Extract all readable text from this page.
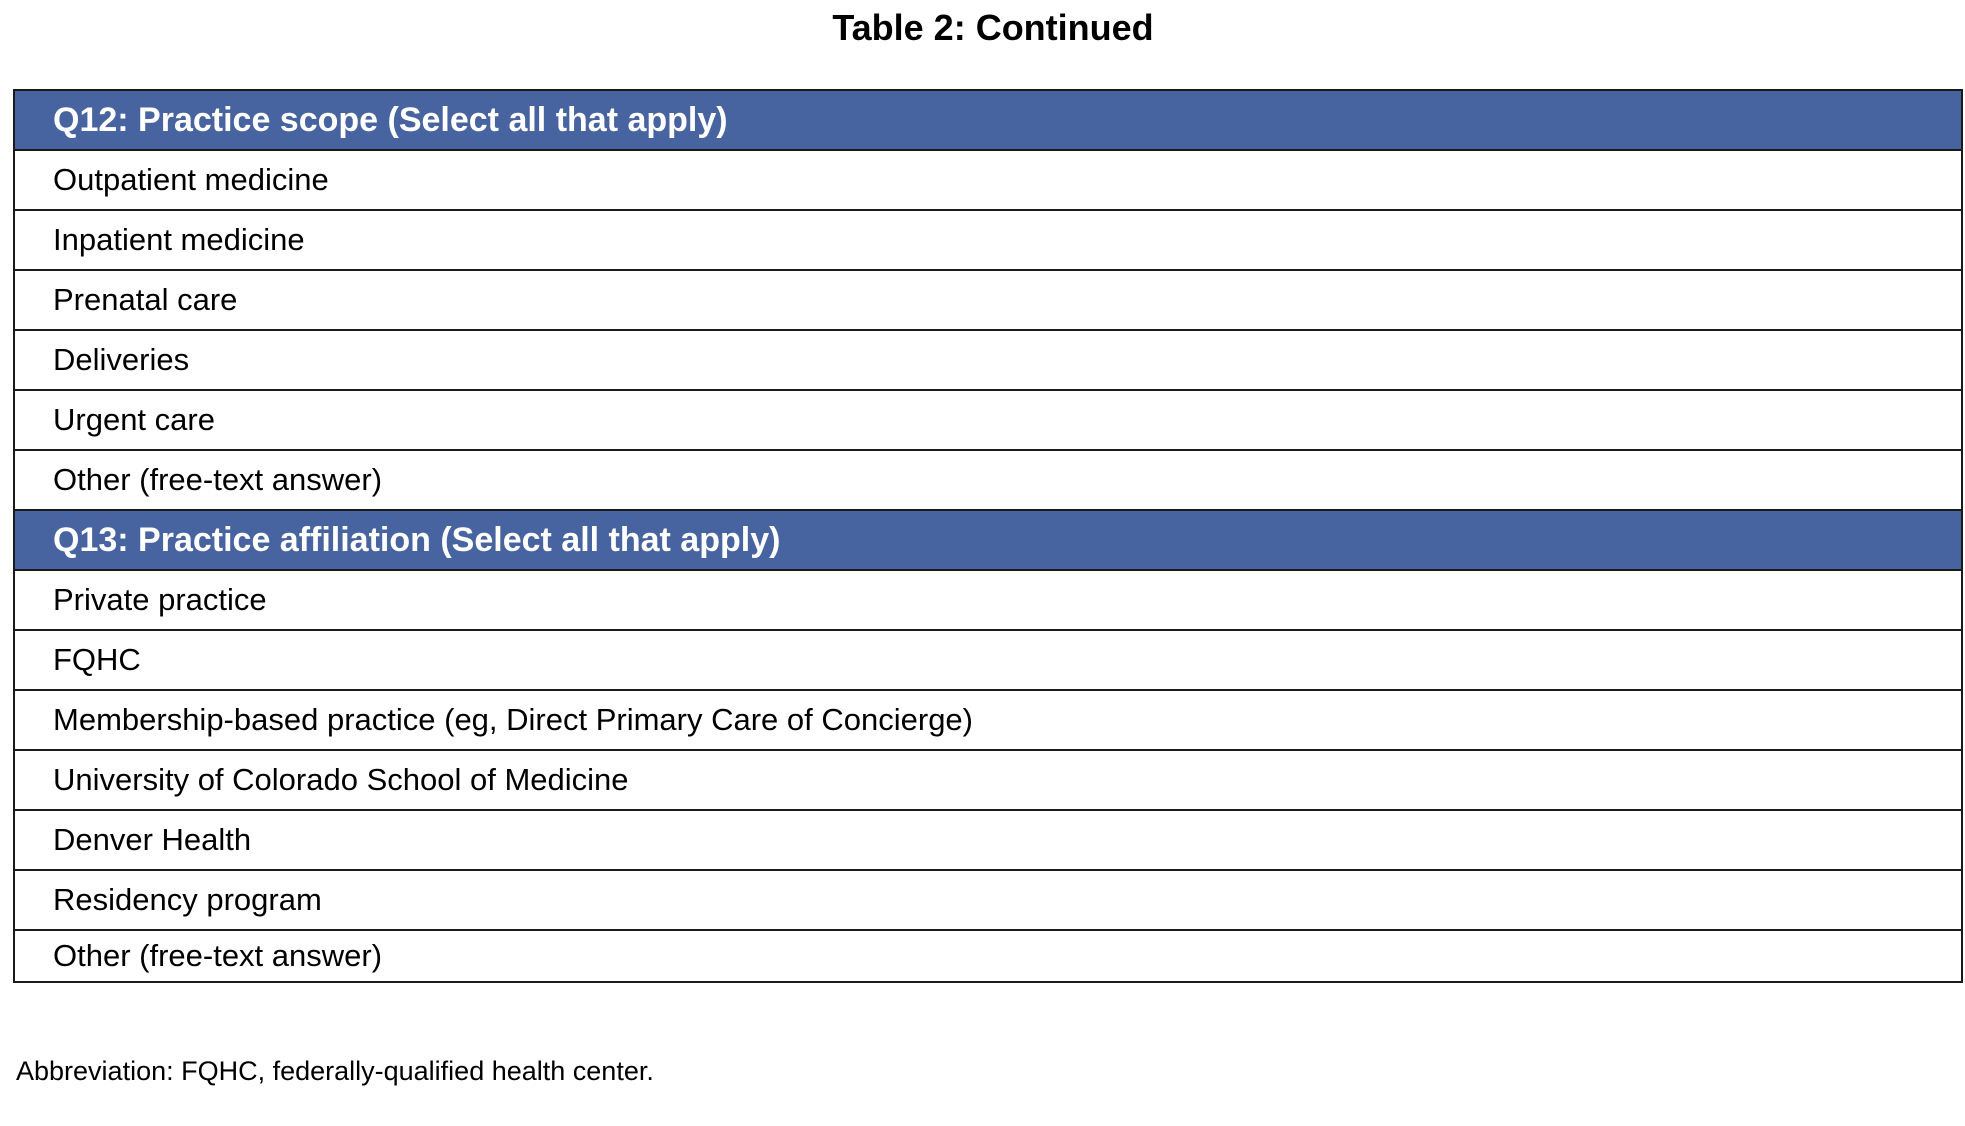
Table 2: Continued
Q12: Practice scope (Select all that apply)
Outpatient medicine
Inpatient medicine
Prenatal care
Deliveries
Urgent care
Other (free-text answer)
Q13: Practice affiliation (Select all that apply)
Private practice
FQHC
Membership-based practice (eg, Direct Primary Care of Concierge)
University of Colorado School of Medicine
Denver Health
Residency program
Other (free-text answer)
Abbreviation: FQHC, federally-qualified health center.
